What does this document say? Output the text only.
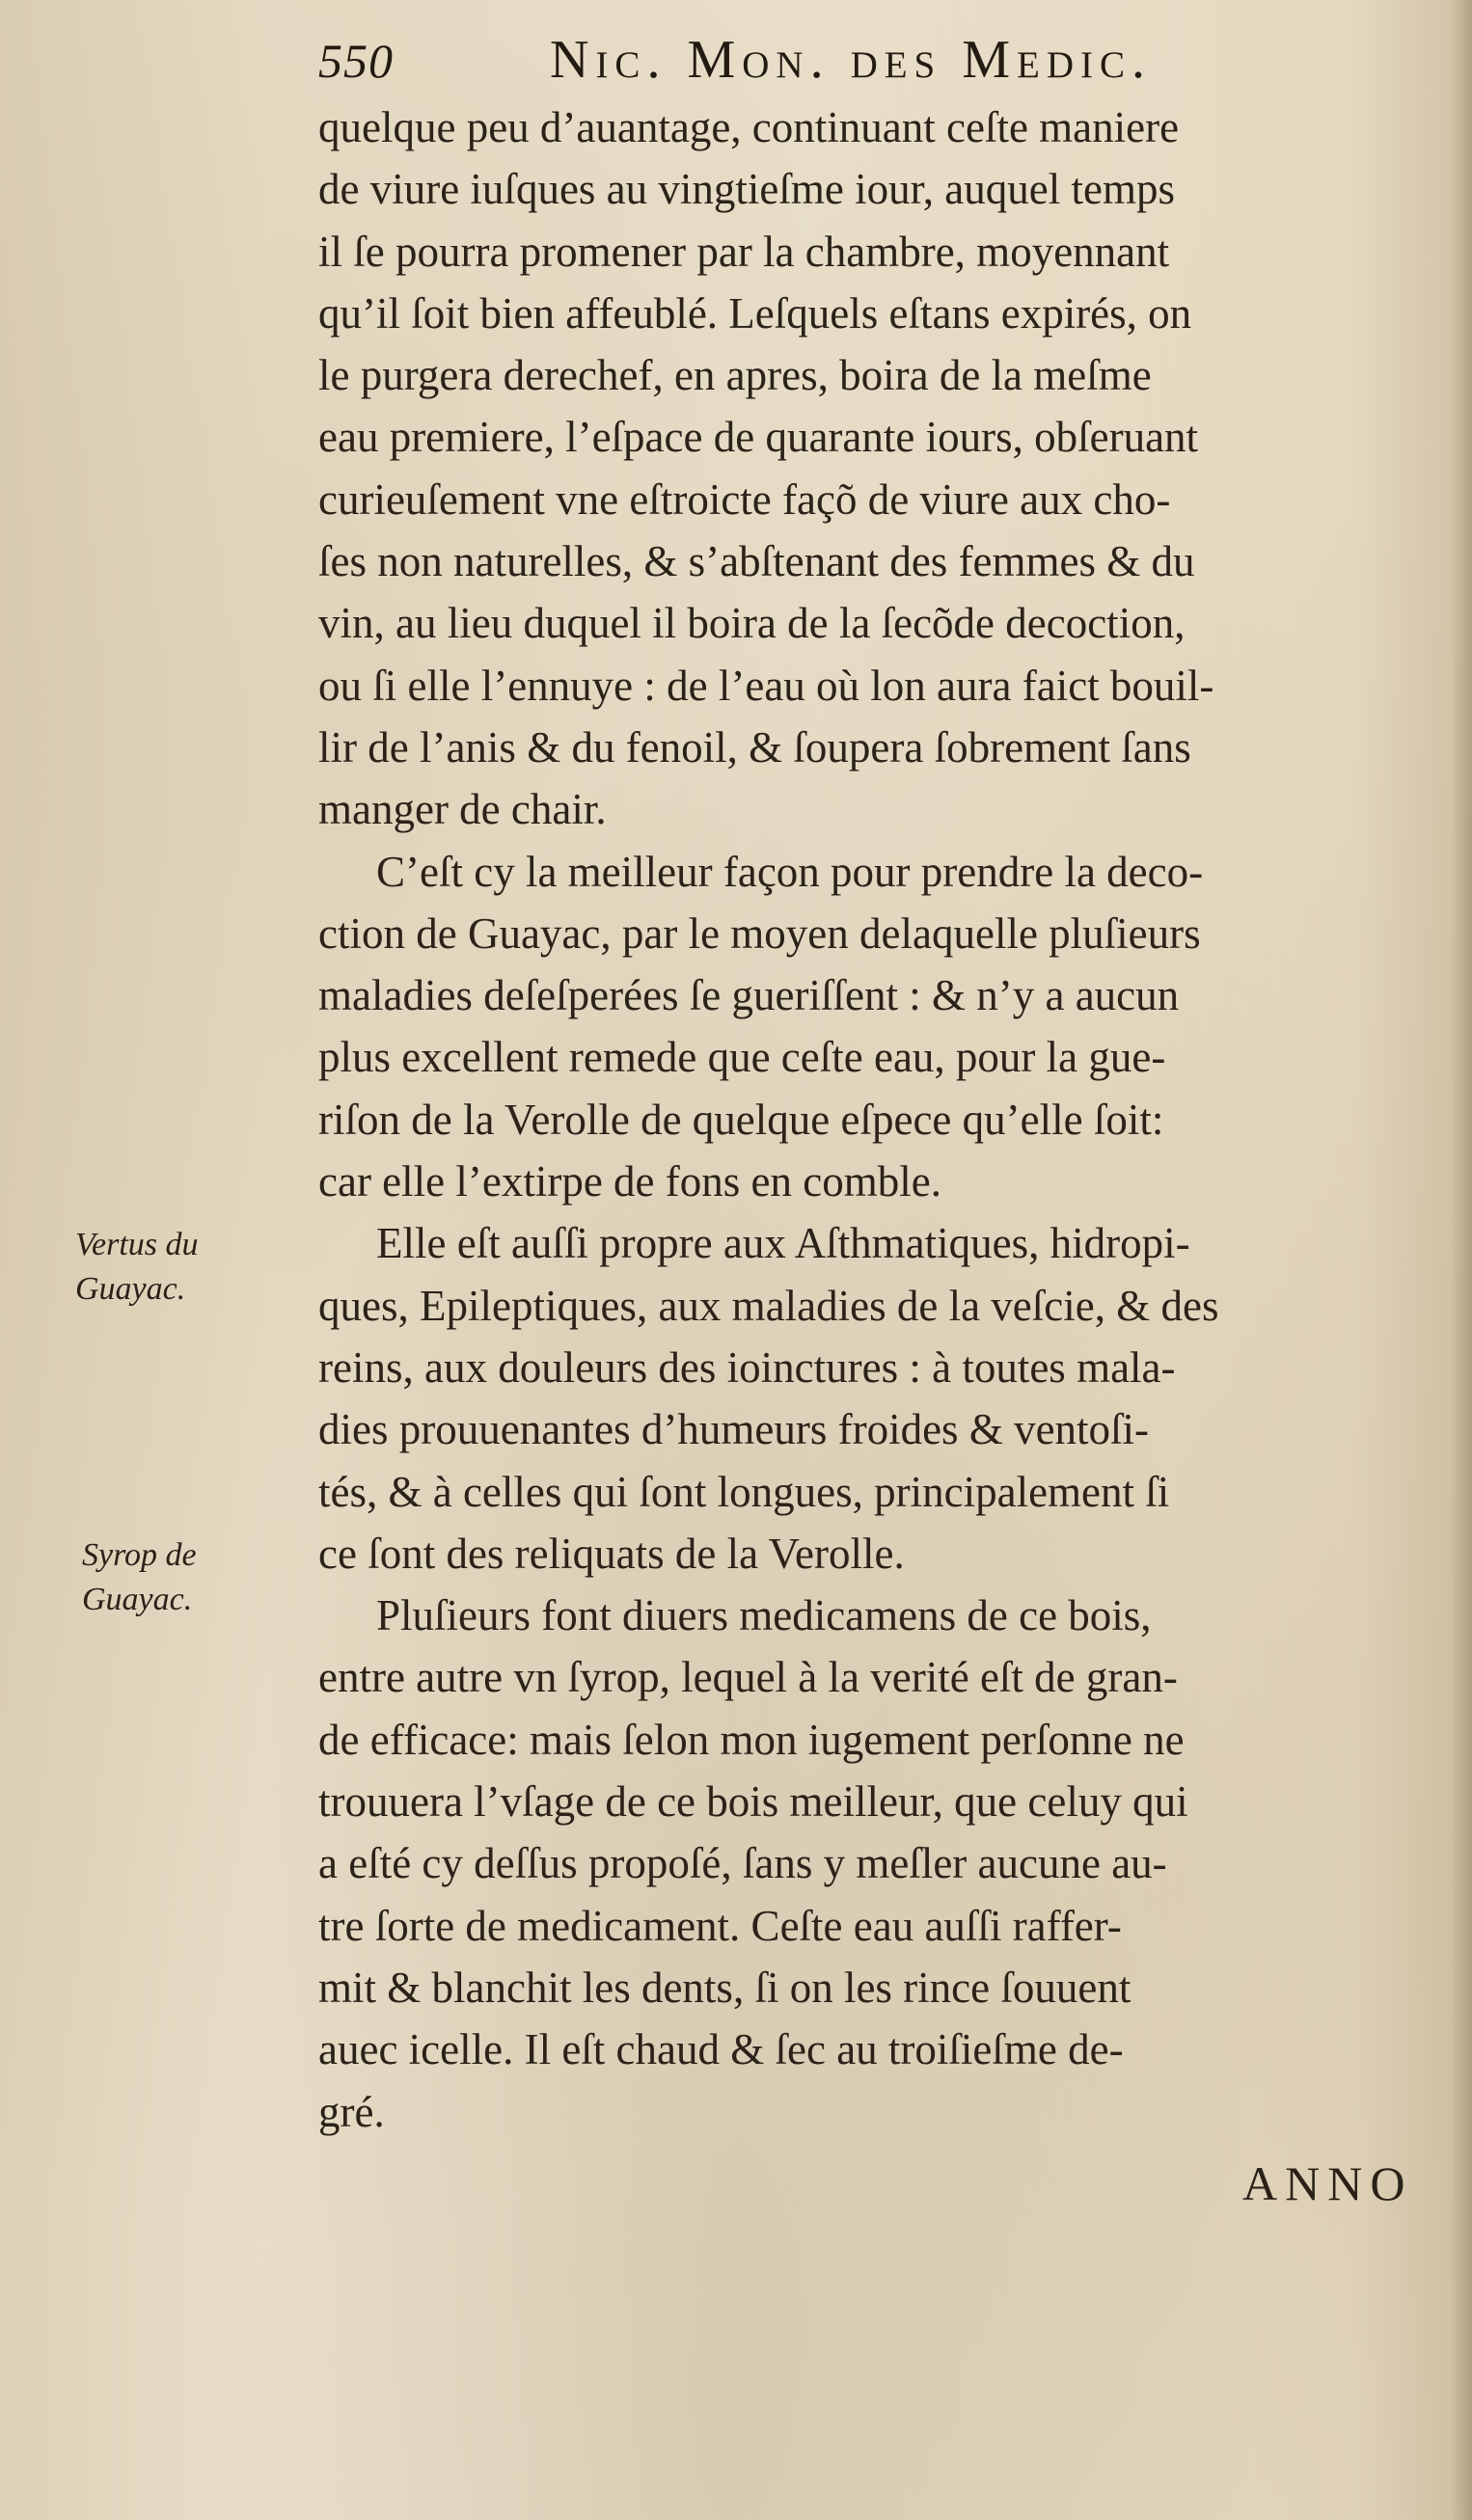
550	Nic. Mon. des Medic.
quelque peu d’auantage, continuant ceſte maniere
de viure iuſques au vingtieſme iour, auquel temps
il ſe pourra promener par la chambre, moyennant
qu’il ſoit bien affeublé. Leſquels eſtans expirés, on
le purgera derechef, en apres, boira de la meſme
eau premiere, l’eſpace de quarante iours, obſeruant
curieuſement vne eſtroicte façõ de viure aux cho-
ſes non naturelles, & s’abſtenant des femmes & du
vin, au lieu duquel il boira de la ſecõde decoction,
ou ſi elle l’ennuye : de l’eau où lon aura faict bouil-
lir de l’anis & du fenoil, & ſoupera ſobrement ſans
manger de chair.
C’eſt cy la meilleur façon pour prendre la deco-
ction de Guayac, par le moyen delaquelle pluſieurs
maladies deſeſperées ſe gueriſſent : & n’y a aucun
plus excellent remede que ceſte eau, pour la gue-
riſon de la Verolle de quelque eſpece qu’elle ſoit:
car elle l’extirpe de fons en comble.
Elle eſt auſſi propre aux Aſthmatiques, hidropi-
ques, Epileptiques, aux maladies de la veſcie, & des
reins, aux douleurs des ioinctures : à toutes mala-
dies prouuenantes d’humeurs froides & ventoſi-
tés, & à celles qui ſont longues, principalement ſi
ce ſont des reliquats de la Verolle.
Pluſieurs font diuers medicamens de ce bois,
entre autre vn ſyrop, lequel à la verité eſt de gran-
de efficace: mais ſelon mon iugement perſonne ne
trouuera l’vſage de ce bois meilleur, que celuy qui
a eſté cy deſſus propoſé, ſans y meſler aucune au-
tre ſorte de medicament. Ceſte eau auſſi raffer-
mit & blanchit les dents, ſi on les rince ſouuent
auec icelle. Il eſt chaud & ſec au troiſieſme de-
gré.
Vertus du
Guayac.
Syrop de
Guayac.
ANNO
